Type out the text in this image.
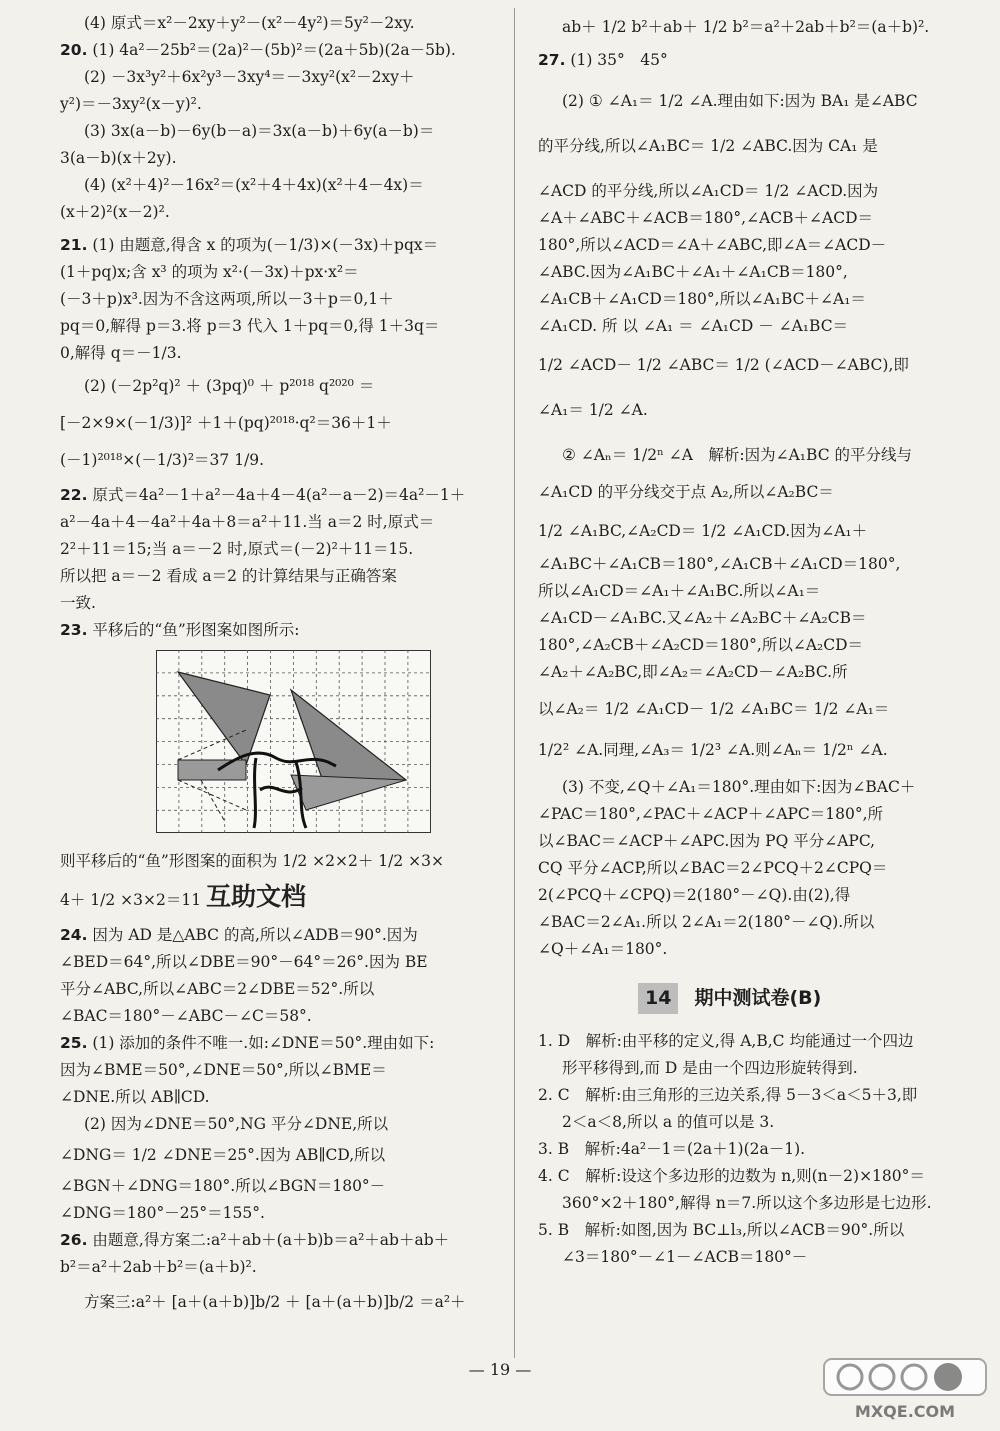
(4) 原式＝x²－2xy＋y²－(x²－4y²)＝5y²－2xy.

20. (1) 4a²－25b²＝(2a)²－(5b)²＝(2a＋5b)(2a－5b).

(2) －3x³y²＋6x²y³－3xy⁴＝－3xy²(x²－2xy＋

y²)＝－3xy²(x－y)².

(3) 3x(a－b)－6y(b－a)＝3x(a－b)＋6y(a－b)＝

3(a－b)(x＋2y).

(4) (x²＋4)²－16x²＝(x²＋4＋4x)(x²＋4－4x)＝

(x＋2)²(x－2)².

21. (1) 由题意,得含 x 的项为(－1/3)×(－3x)＋pqx＝

(1＋pq)x;含 x³ 的项为 x²·(－3x)＋px·x²＝

(－3＋p)x³.因为不含这两项,所以－3＋p＝0,1＋

pq＝0,解得 p＝3.将 p＝3 代入 1＋pq＝0,得 1＋3q＝

0,解得 q＝－1/3.

(2) (－2p²q)² ＋ (3pq)⁰ ＋ p²⁰¹⁸ q²⁰²⁰ ＝

[－2×9×(－1/3)]² ＋1＋(pq)²⁰¹⁸·q²＝36＋1＋

(－1)²⁰¹⁸×(－1/3)²＝37 1/9.

22. 原式＝4a²－1＋a²－4a＋4－4(a²－a－2)＝4a²－1＋

a²－4a＋4－4a²＋4a＋8＝a²＋11.当 a＝2 时,原式＝

2²＋11＝15;当 a＝－2 时,原式＝(－2)²＋11＝15.

所以把 a＝－2 看成 a＝2 的计算结果与正确答案

一致.

23. 平移后的“鱼”形图案如图所示:

则平移后的“鱼”形图案的面积为 1/2 ×2×2＋ 1/2 ×3×

4＋ 1/2 ×3×2＝11 互助文档

24. 因为 AD 是△ABC 的高,所以∠ADB＝90°.因为

∠BED＝64°,所以∠DBE＝90°－64°＝26°.因为 BE

平分∠ABC,所以∠ABC＝2∠DBE＝52°.所以

∠BAC＝180°－∠ABC－∠C＝58°.

25. (1) 添加的条件不唯一.如:∠DNE＝50°.理由如下:

因为∠BME＝50°,∠DNE＝50°,所以∠BME＝

∠DNE.所以 AB∥CD.

(2) 因为∠DNE＝50°,NG 平分∠DNE,所以

∠DNG＝ 1/2 ∠DNE＝25°.因为 AB∥CD,所以

∠BGN＋∠DNG＝180°.所以∠BGN＝180°－

∠DNG＝180°－25°＝155°.

26. 由题意,得方案二:a²＋ab＋(a＋b)b＝a²＋ab＋ab＋

b²＝a²＋2ab＋b²＝(a＋b)².

方案三:a²＋ [a＋(a＋b)]b/2 ＋ [a＋(a＋b)]b/2 ＝a²＋

ab＋ 1/2 b²＋ab＋ 1/2 b²＝a²＋2ab＋b²＝(a＋b)².

27. (1) 35°　45°

(2) ① ∠A₁＝ 1/2 ∠A.理由如下:因为 BA₁ 是∠ABC

的平分线,所以∠A₁BC＝ 1/2 ∠ABC.因为 CA₁ 是

∠ACD 的平分线,所以∠A₁CD＝ 1/2 ∠ACD.因为

∠A＋∠ABC＋∠ACB＝180°,∠ACB＋∠ACD＝

180°,所以∠ACD＝∠A＋∠ABC,即∠A＝∠ACD－

∠ABC.因为∠A₁BC＋∠A₁＋∠A₁CB＝180°,

∠A₁CB＋∠A₁CD＝180°,所以∠A₁BC＋∠A₁＝

∠A₁CD. 所 以 ∠A₁ ＝ ∠A₁CD － ∠A₁BC＝

1/2 ∠ACD－ 1/2 ∠ABC＝ 1/2 (∠ACD－∠ABC),即

∠A₁＝ 1/2 ∠A.

② ∠Aₙ＝ 1/2ⁿ ∠A　解析:因为∠A₁BC 的平分线与

∠A₁CD 的平分线交于点 A₂,所以∠A₂BC＝

1/2 ∠A₁BC,∠A₂CD＝ 1/2 ∠A₁CD.因为∠A₁＋

∠A₁BC＋∠A₁CB＝180°,∠A₁CB＋∠A₁CD＝180°,

所以∠A₁CD＝∠A₁＋∠A₁BC.所以∠A₁＝

∠A₁CD－∠A₁BC.又∠A₂＋∠A₂BC＋∠A₂CB＝

180°,∠A₂CB＋∠A₂CD＝180°,所以∠A₂CD＝

∠A₂＋∠A₂BC,即∠A₂＝∠A₂CD－∠A₂BC.所

以∠A₂＝ 1/2 ∠A₁CD－ 1/2 ∠A₁BC＝ 1/2 ∠A₁＝

1/2² ∠A.同理,∠A₃＝ 1/2³ ∠A.则∠Aₙ＝ 1/2ⁿ ∠A.

(3) 不变,∠Q＋∠A₁＝180°.理由如下:因为∠BAC＋

∠PAC＝180°,∠PAC＋∠ACP＋∠APC＝180°,所

以∠BAC＝∠ACP＋∠APC.因为 PQ 平分∠APC,

CQ 平分∠ACP,所以∠BAC＝2∠PCQ＋2∠CPQ＝

2(∠PCQ＋∠CPQ)＝2(180°－∠Q).由(2),得

∠BAC＝2∠A₁.所以 2∠A₁＝2(180°－∠Q).所以

∠Q＋∠A₁＝180°.

14	期中测试卷(B)

1. D　解析:由平移的定义,得 A,B,C 均能通过一个四边

形平移得到,而 D 是由一个四边形旋转得到.

2. C　解析:由三角形的三边关系,得 5－3＜a＜5＋3,即

2＜a＜8,所以 a 的值可以是 3.

3. B　解析:4a²－1＝(2a＋1)(2a－1).

4. C　解析:设这个多边形的边数为 n,则(n－2)×180°＝

360°×2＋180°,解得 n＝7.所以这个多边形是七边形.

5. B　解析:如图,因为 BC⊥l₃,所以∠ACB＝90°.所以

∠3＝180°－∠1－∠ACB＝180°－

— 19 —
MXQE.COM
